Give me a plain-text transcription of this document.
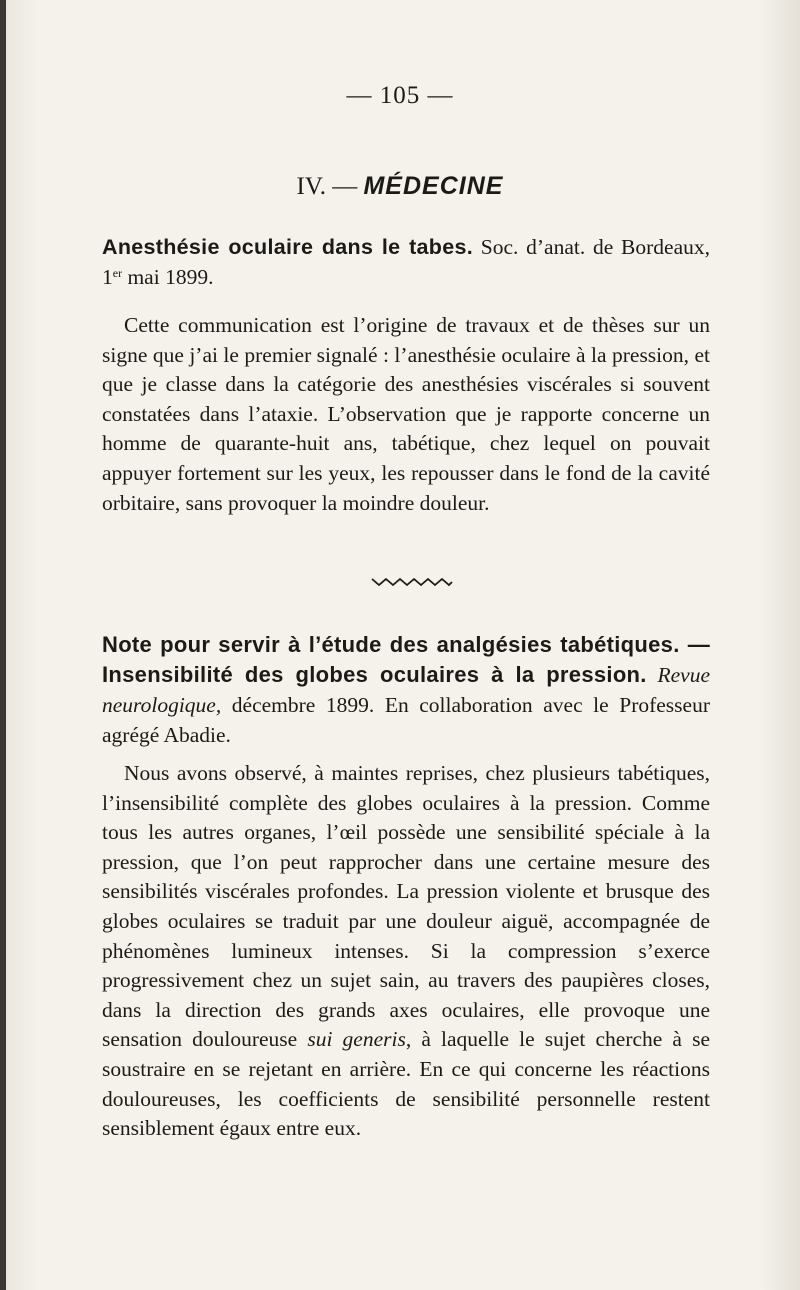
— 105 —
IV. — MÉDECINE
Anesthésie oculaire dans le tabes. Soc. d’anat. de Bordeaux, 1er mai 1899.

Cette communication est l’origine de travaux et de thèses sur un signe que j’ai le premier signalé : l’anesthésie oculaire à la pression, et que je classe dans la catégorie des anesthésies viscérales si souvent constatées dans l’ataxie. L’observation que je rapporte concerne un homme de quarante-huit ans, tabétique, chez lequel on pouvait appuyer fortement sur les yeux, les repousser dans le fond de la cavité orbitaire, sans provoquer la moindre douleur.

Note pour servir à l’étude des analgésies tabétiques. — Insensibilité des globes oculaires à la pression. Revue neurologique, décembre 1899. En collaboration avec le Professeur agrégé Abadie.

Nous avons observé, à maintes reprises, chez plusieurs tabétiques, l’insensibilité complète des globes oculaires à la pression. Comme tous les autres organes, l’œil possède une sensibilité spéciale à la pression, que l’on peut rapprocher dans une certaine mesure des sensibilités viscérales profondes. La pression violente et brusque des globes oculaires se traduit par une douleur aiguë, accompagnée de phénomènes lumineux intenses. Si la compression s’exerce progressivement chez un sujet sain, au travers des paupières closes, dans la direction des grands axes oculaires, elle provoque une sensation douloureuse sui generis, à laquelle le sujet cherche à se soustraire en se rejetant en arrière. En ce qui concerne les réactions douloureuses, les coefficients de sensibilité personnelle restent sensiblement égaux entre eux.
